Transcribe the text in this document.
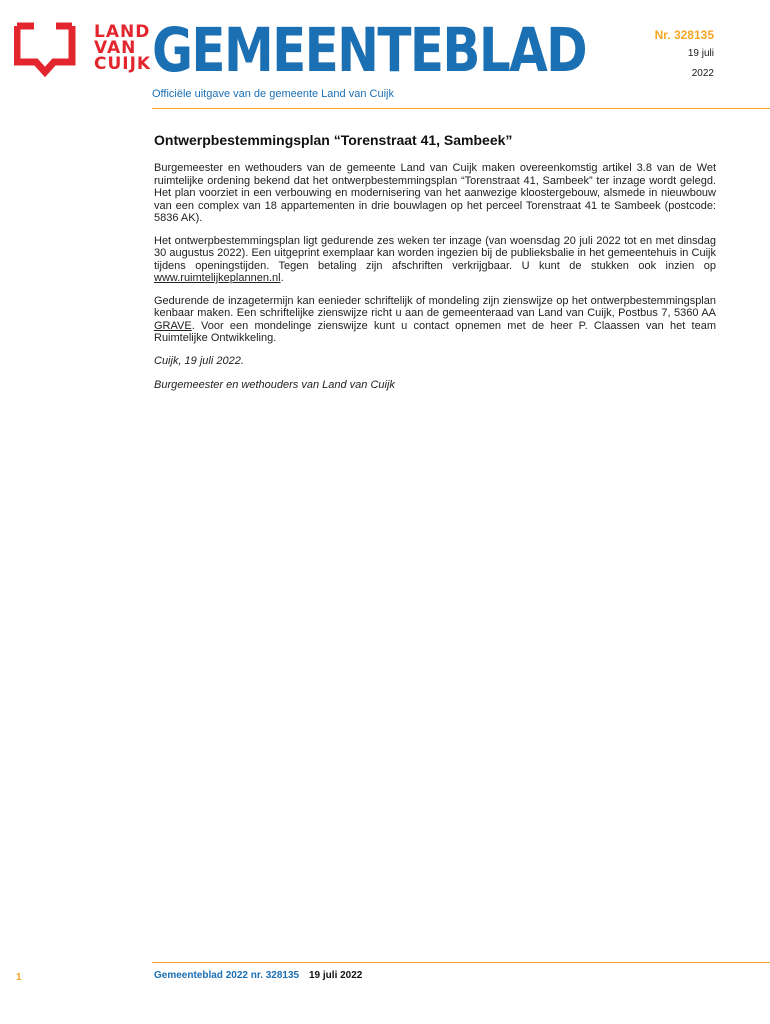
LAND
VAN
CUIJK GEMEENTEBLAD
Officiële uitgave van de gemeente Land van Cuijk
Nr. 328135
19 juli
2022
Ontwerpbestemmingsplan “Torenstraat 41, Sambeek”

Burgemeester en wethouders van de gemeente Land van Cuijk maken overeenkomstig artikel 3.8 van de Wet ruimtelijke ordening bekend dat het ontwerpbestemmingsplan “Torenstraat 41, Sambeek” ter inzage wordt gelegd. Het plan voorziet in een verbouwing en modernisering van het aanwezige kloostergebouw, alsmede in nieuwbouw van een complex van 18 appartementen in drie bouwlagen op het perceel Torenstraat 41 te Sambeek (postcode: 5836 AK).

Het ontwerpbestemmingsplan ligt gedurende zes weken ter inzage (van woensdag 20 juli 2022 tot en met dinsdag 30 augustus 2022). Een uitgeprint exemplaar kan worden ingezien bij de publieksbalie in het gemeentehuis in Cuijk tijdens openingstijden. Tegen betaling zijn afschriften verkrijgbaar. U kunt de stukken ook inzien op www.ruimtelijkeplannen.nl.

Gedurende de inzagetermijn kan eenieder schriftelijk of mondeling zijn zienswijze op het ontwerpbestemmingsplan kenbaar maken. Een schriftelijke zienswijze richt u aan de gemeenteraad van Land van Cuijk, Postbus 7, 5360 AA GRAVE. Voor een mondelinge zienswijze kunt u contact opnemen met de heer P. Claassen van het team Ruimtelijke Ontwikkeling.

Cuijk, 19 juli 2022.

Burgemeester en wethouders van Land van Cuijk

1	Gemeenteblad 2022 nr. 328135 19 juli 2022
